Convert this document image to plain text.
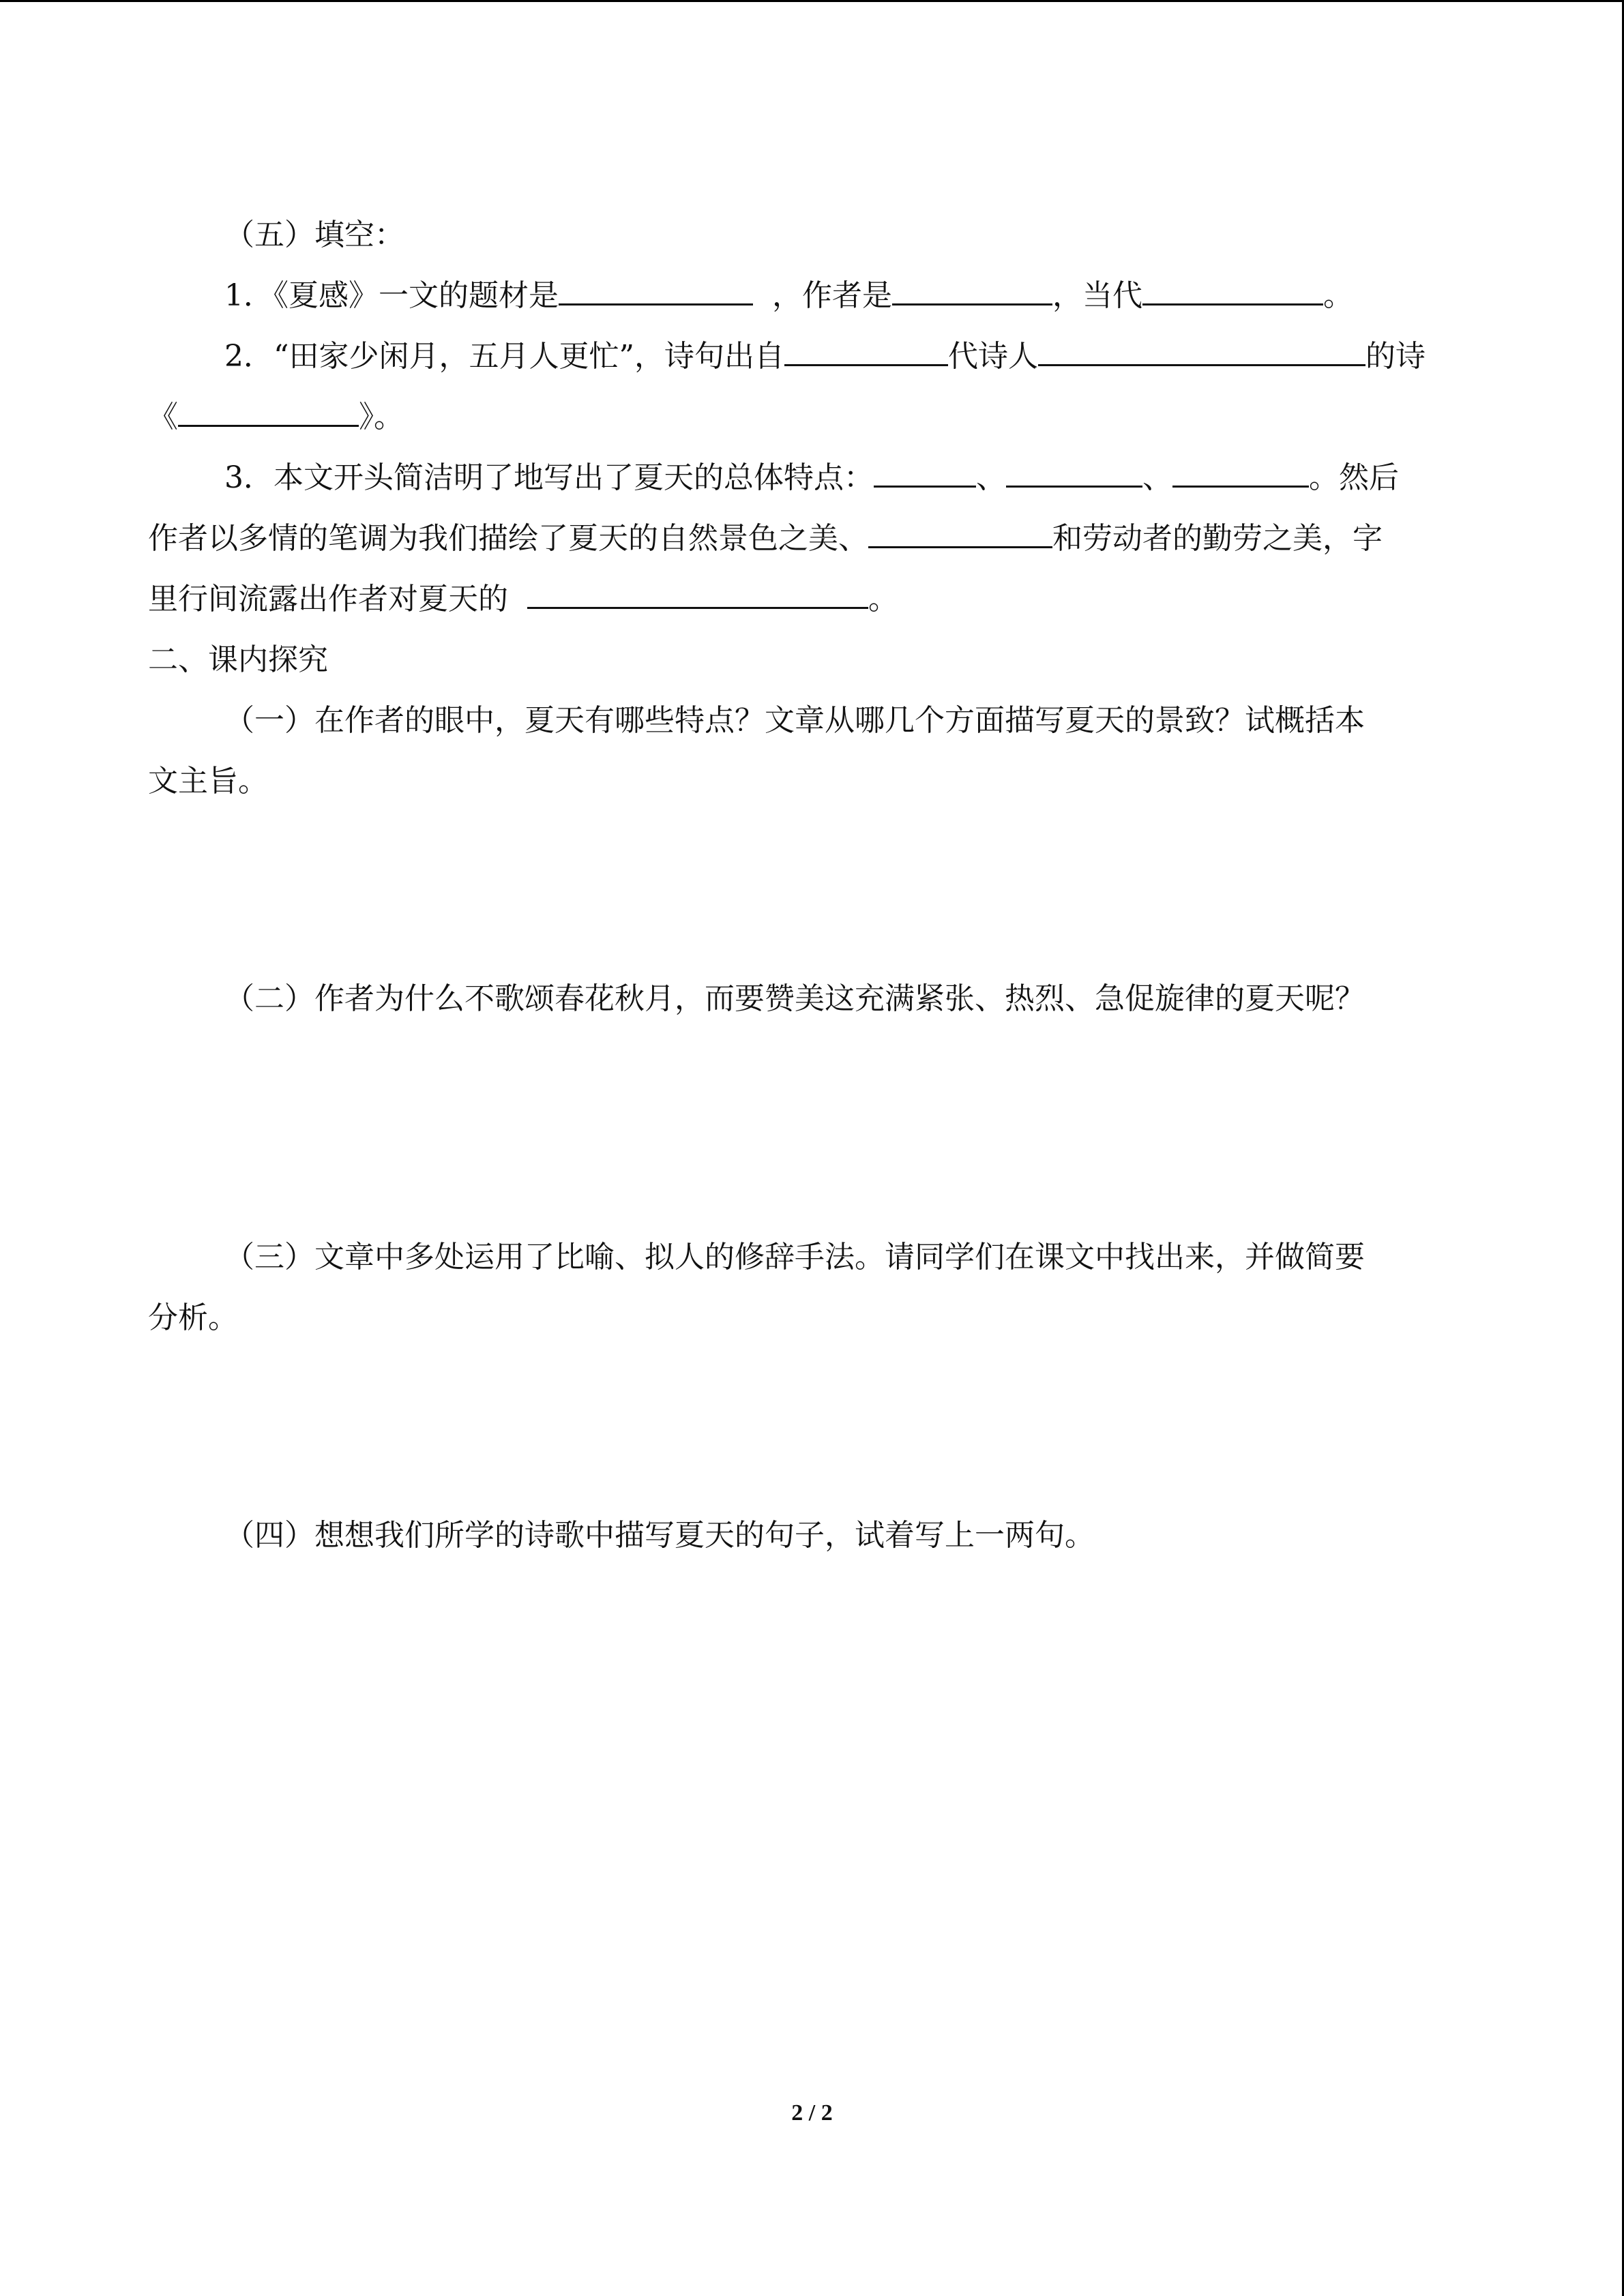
（五）填空：
1．《夏感》一文的题材是	，作者是	，当代	。
2．“田家少闲月，五月人更忙”，诗句出自	代诗人	的诗
《	》。
3．本文开头简洁明了地写出了夏天的总体特点：	、	、	。然后
作者以多情的笔调为我们描绘了夏天的自然景色之美、	和劳动者的勤劳之美，字
里行间流露出作者对夏天的	。
二、课内探究
（一）在作者的眼中，夏天有哪些特点？文章从哪几个方面描写夏天的景致？试概括本
文主旨。
（二）作者为什么不歌颂春花秋月，而要赞美这充满紧张、热烈、急促旋律的夏天呢？
（三）文章中多处运用了比喻、拟人的修辞手法。请同学们在课文中找出来，并做简要
分析。
（四）想想我们所学的诗歌中描写夏天的句子，试着写上一两句。
2 / 2
